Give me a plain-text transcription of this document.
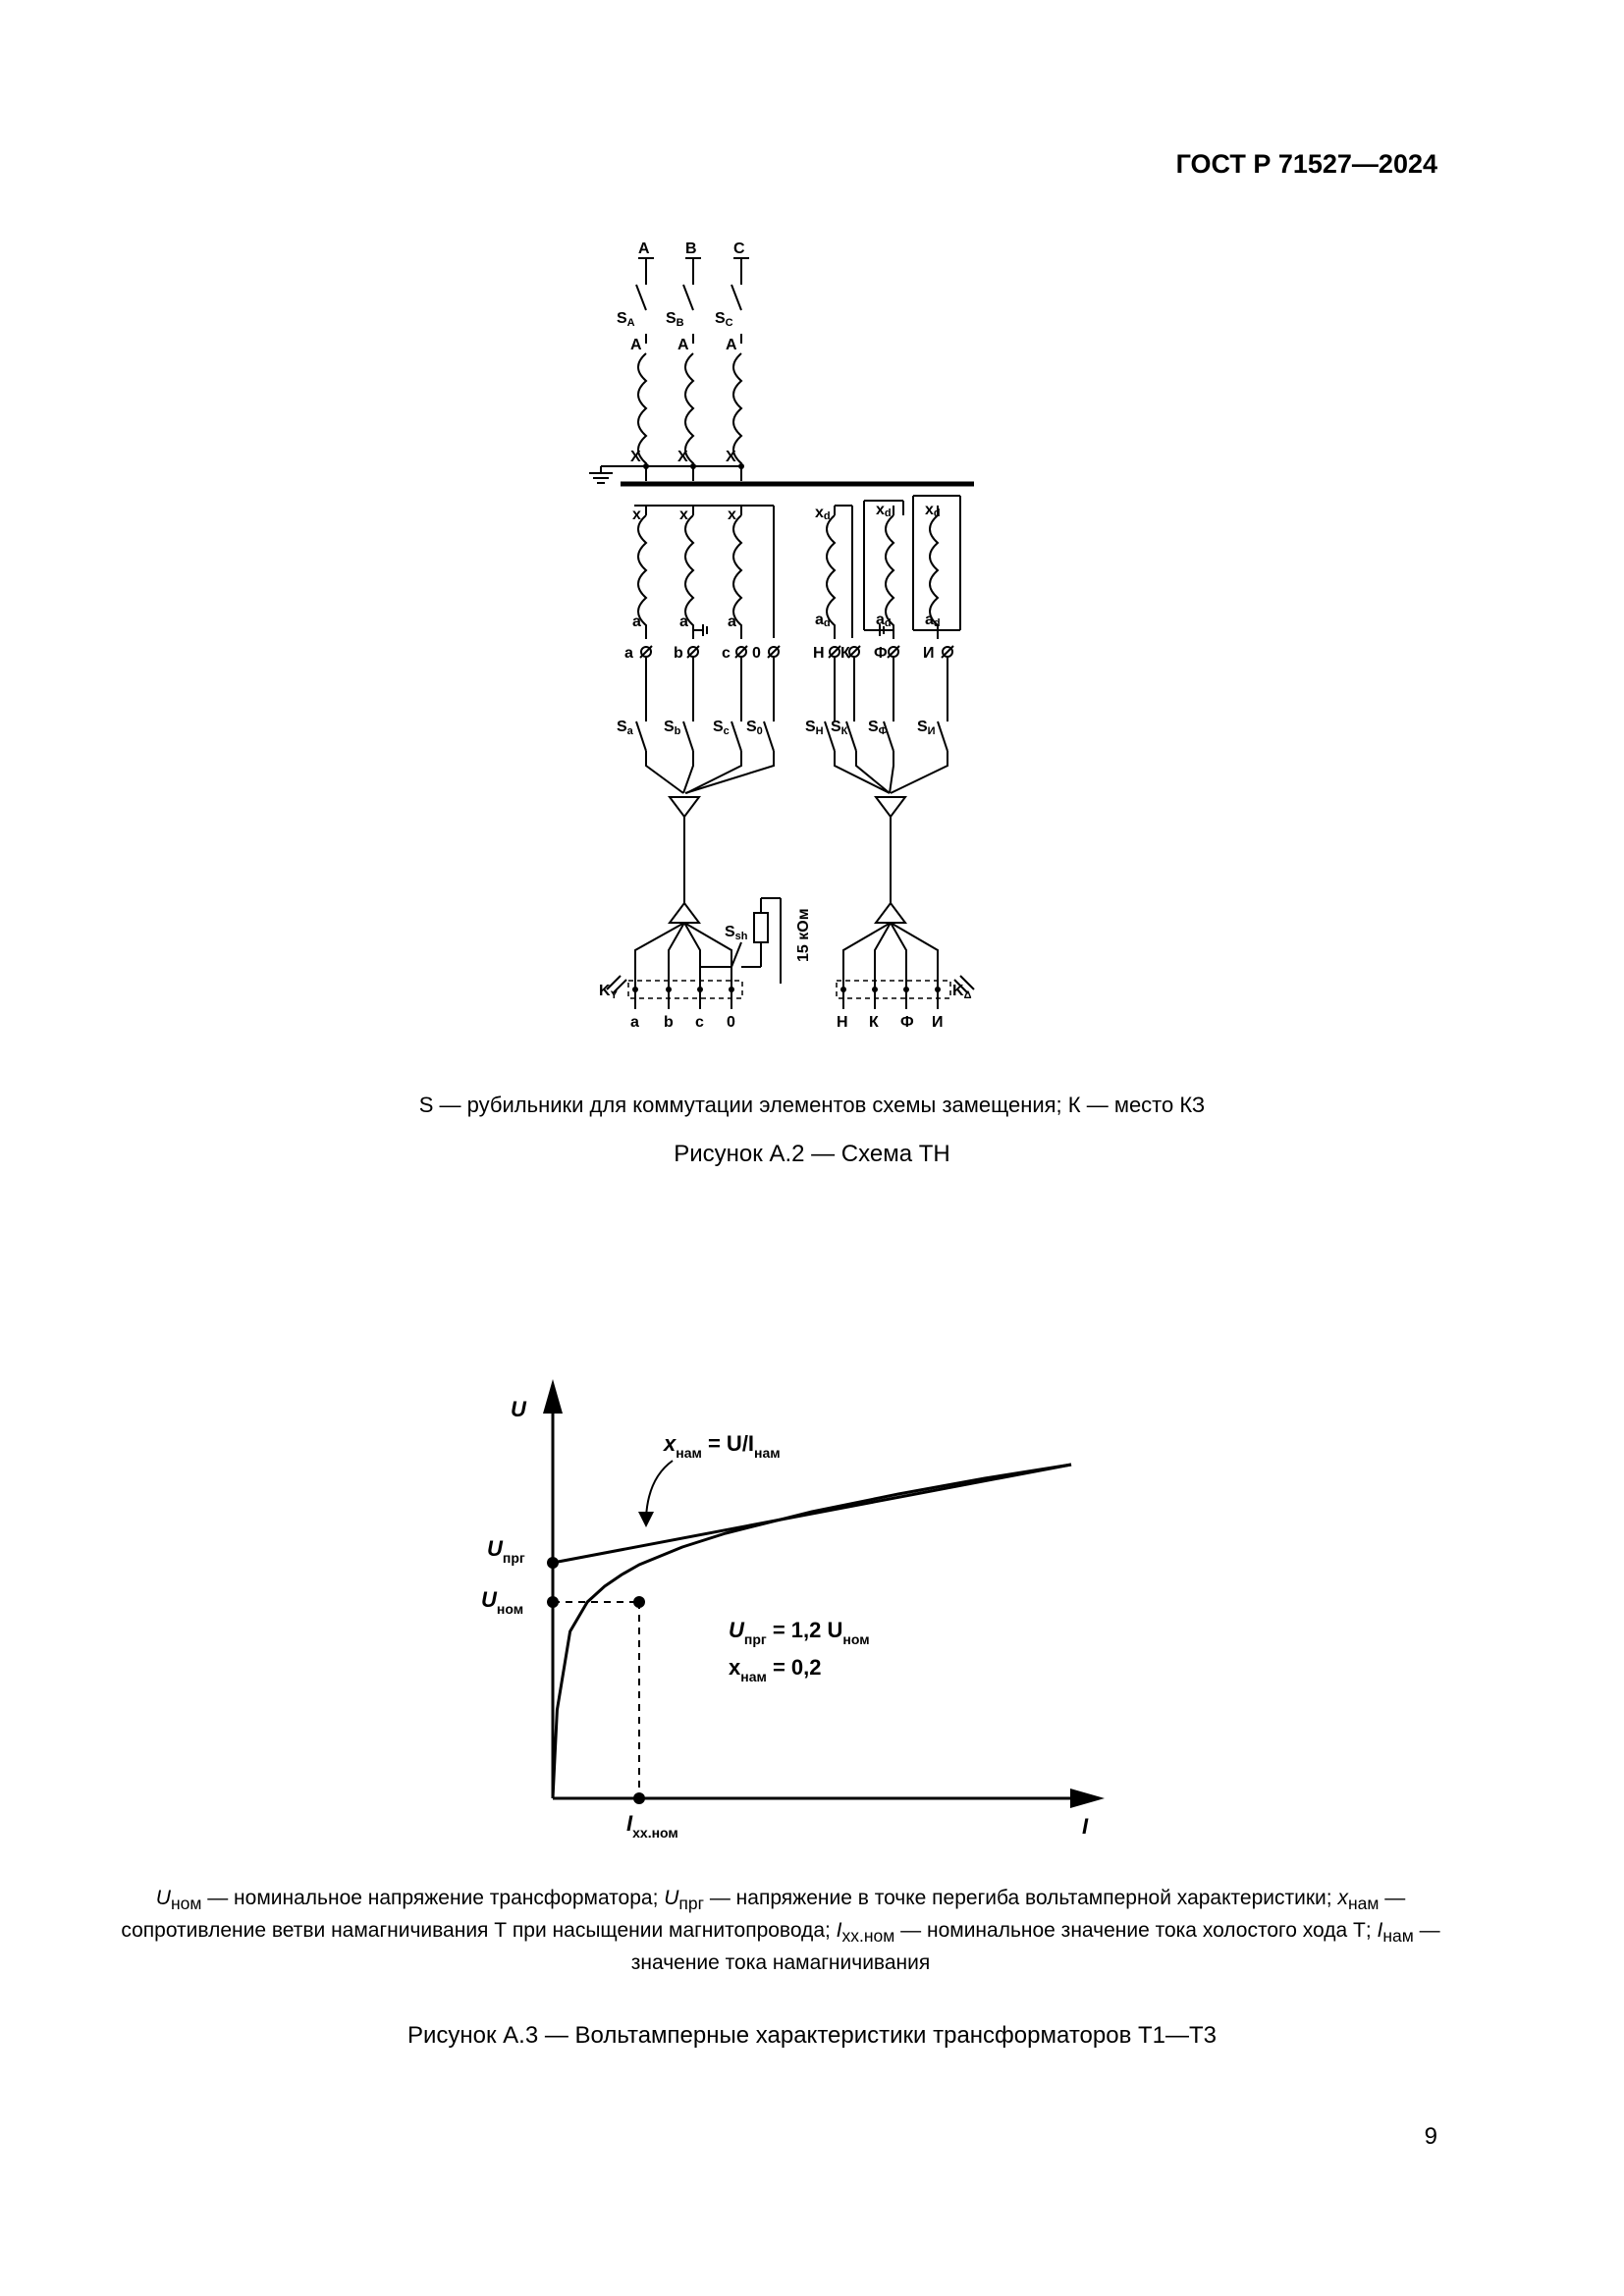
ГОСТ Р 71527—2024
A B C
SA SB SC
A A A
X X X
x x	x
a a	a
xd	xd xd
ad	ad ad
a	b c 0	Н К Ф И
Sa Sb Sc S0	SН SК SФ SИ
Ssh	15 кОм
KY	KΔ
a b c 0	Н К Ф И
S — рубильники для коммутации элементов схемы замещения; К — место КЗ
Рисунок А.2 — Схема ТН
U
I
$U_{прг}$
$U_{ном}$
$I_{хх.ном}$
$x_{нам} = U/I_{нам}$
$U_{прг} = 1,2$ $U_{ном}$
$x_{нам} = 0,2$
$U_{ном}$ — номинальное напряжение трансформатора; $U_{прг}$ — напряжение в точке перегиба вольтамперной характеристики; $x_{нам}$ — сопротивление ветви намагничивания Т при насыщении магнитопровода; $I_{хх.ном}$ — номинальное значение тока холостого хода Т; $I_{нам}$ — значение тока намагничивания
Рисунок А.3 — Вольтамперные характеристики трансформаторов Т1—Т3
9
